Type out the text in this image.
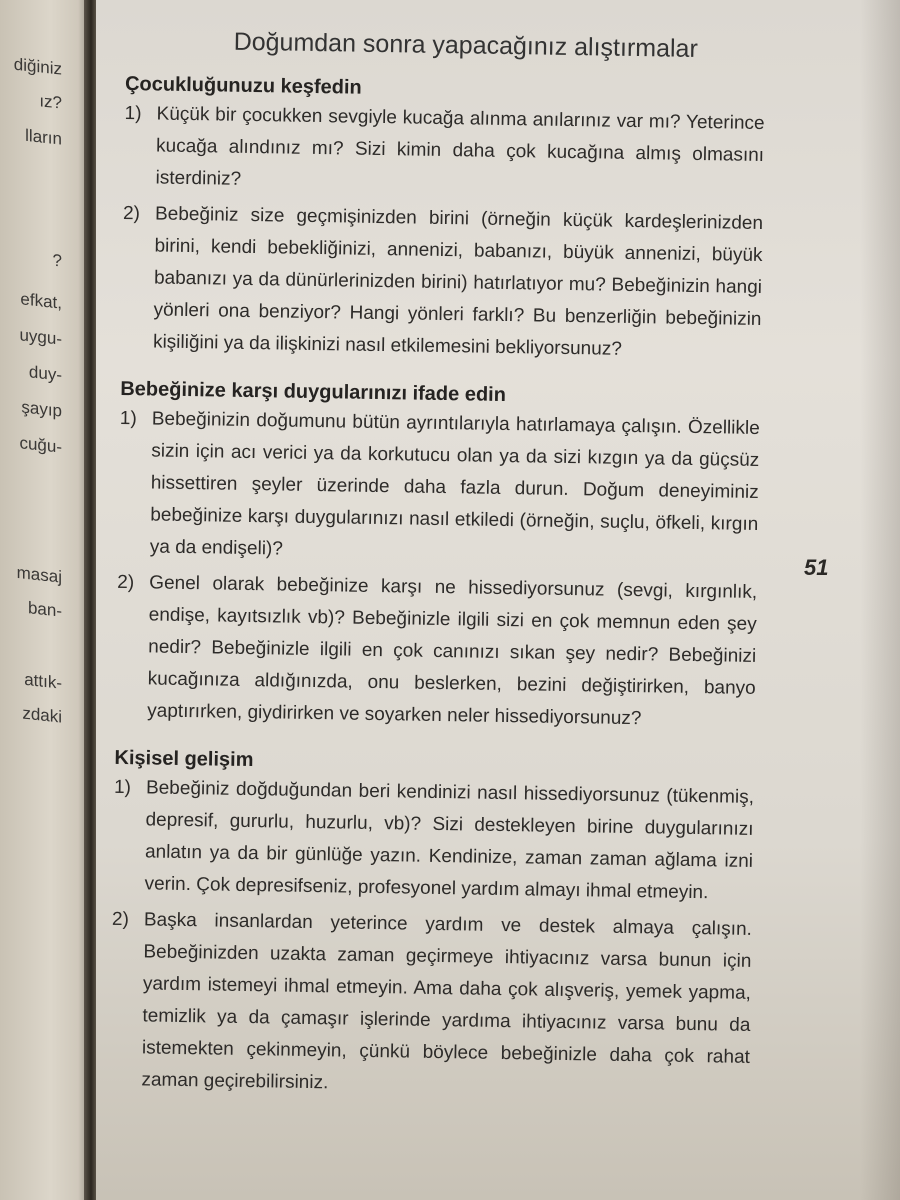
diğiniz
ız?
lların
?
efkat,
uygu-
duy-
şayıp
cuğu-
masaj
ban-
attık-
zdaki
Doğumdan sonra yapacağınız alıştırmalar
Çocukluğunuzu keşfedin
1) Küçük bir çocukken sevgiyle kucağa alınma anılarınız var mı? Yeterince kucağa alındınız mı? Sizi kimin daha çok kucağına almış olmasını isterdiniz?
2) Bebeğiniz size geçmişinizden birini (örneğin küçük kardeşlerinizden birini, kendi bebekliğinizi, annenizi, babanızı, büyük annenizi, büyük babanızı ya da dünürlerinizden birini) hatırlatıyor mu? Bebeğinizin hangi yönleri ona benziyor? Hangi yönleri farklı? Bu benzerliğin bebeğinizin kişiliğini ya da ilişkinizi nasıl etkilemesini bekliyorsunuz?
Bebeğinize karşı duygularınızı ifade edin
1) Bebeğinizin doğumunu bütün ayrıntılarıyla hatırlamaya çalışın. Özellikle sizin için acı verici ya da korkutucu olan ya da sizi kızgın ya da güçsüz hissettiren şeyler üzerinde daha fazla durun. Doğum deneyiminiz bebeğinize karşı duygularınızı nasıl etkiledi (örneğin, suçlu, öfkeli, kırgın ya da endişeli)?
2) Genel olarak bebeğinize karşı ne hissediyorsunuz (sevgi, kırgınlık, endişe, kayıtsızlık vb)? Bebeğinizle ilgili sizi en çok memnun eden şey nedir? Bebeğinizle ilgili en çok canınızı sıkan şey nedir? Bebeğinizi kucağınıza aldığınızda, onu beslerken, bezini değiştirirken, banyo yaptırırken, giydirirken ve soyarken neler hissediyorsunuz?
Kişisel gelişim
1) Bebeğiniz doğduğundan beri kendinizi nasıl hissediyorsunuz (tükenmiş, depresif, gururlu, huzurlu, vb)? Sizi destekleyen birine duygularınızı anlatın ya da bir günlüğe yazın. Kendinize, zaman zaman ağlama izni verin. Çok depresifseniz, profesyonel yardım almayı ihmal etmeyin.
2) Başka insanlardan yeterince yardım ve destek almaya çalışın. Bebeğinizden uzakta zaman geçirmeye ihtiyacınız varsa bunun için yardım istemeyi ihmal etmeyin. Ama daha çok alışveriş, yemek yapma, temizlik ya da çamaşır işlerinde yardıma ihtiyacınız varsa bunu da istemekten çekinmeyin, çünkü böylece bebeğinizle daha çok rahat zaman geçirebilirsiniz.
51
